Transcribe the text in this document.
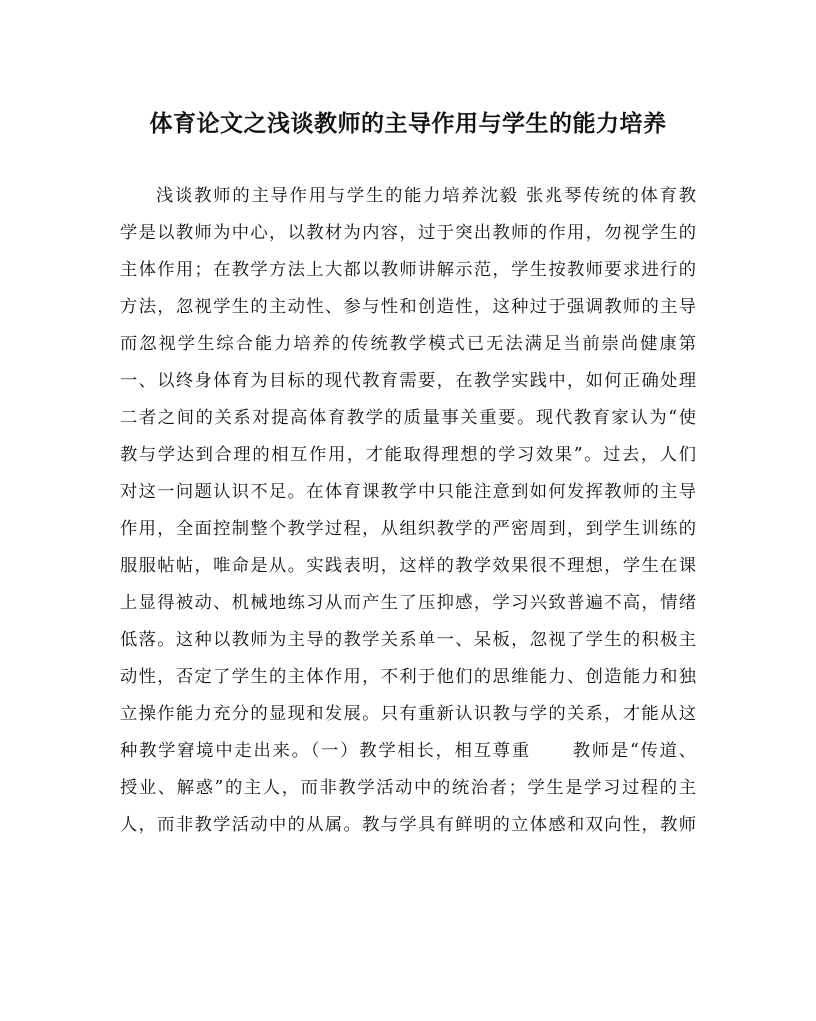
体育论文之浅谈教师的主导作用与学生的能力培养
浅谈教师的主导作用与学生的能力培养沈毅 张兆琴传统的体育教
学是以教师为中心，以教材为内容，过于突出教师的作用，勿视学生的
主体作用；在教学方法上大都以教师讲解示范，学生按教师要求进行的
方法，忽视学生的主动性、参与性和创造性，这种过于强调教师的主导
而忽视学生综合能力培养的传统教学模式已无法满足当前崇尚健康第
一、以终身体育为目标的现代教育需要，在教学实践中，如何正确处理
二者之间的关系对提高体育教学的质量事关重要。现代教育家认为“使
教与学达到合理的相互作用，才能取得理想的学习效果”。过去，人们
对这一问题认识不足。在体育课教学中只能注意到如何发挥教师的主导
作用，全面控制整个教学过程，从组织教学的严密周到，到学生训练的
服服帖帖，唯命是从。实践表明，这样的教学效果很不理想，学生在课
上显得被动、机械地练习从而产生了压抑感，学习兴致普遍不高，情绪
低落。这种以教师为主导的教学关系单一、呆板，忽视了学生的积极主
动性，否定了学生的主体作用，不利于他们的思维能力、创造能力和独
立操作能力充分的显现和发展。只有重新认识教与学的关系，才能从这
种教学窘境中走出来。（一）教学相长，相互尊重 教师是“传道、
授业、解惑”的主人，而非教学活动中的统治者；学生是学习过程的主
人，而非教学活动中的从属。教与学具有鲜明的立体感和双向性，教师
